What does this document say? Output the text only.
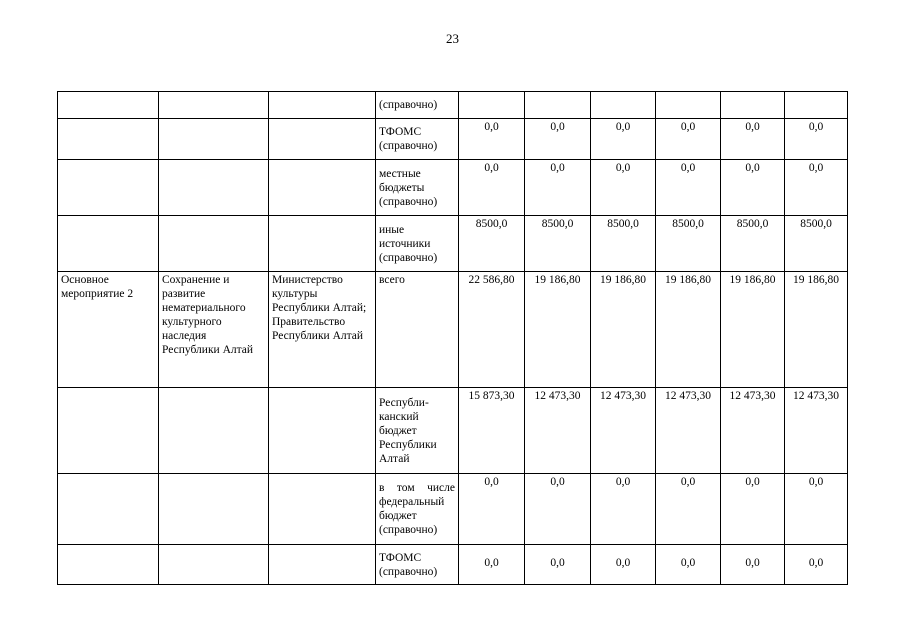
23
			(справочно)						
			ТФОМС (справочно)	0,0	0,0	0,0	0,0	0,0	0,0
			местные бюджеты (справочно)	0,0	0,0	0,0	0,0	0,0	0,0
			иные источники (справочно)	8500,0	8500,0	8500,0	8500,0	8500,0	8500,0
Основное мероприятие 2	Сохранение и развитие нематериального культурного наследия Республики Алтай	Министерство культуры Республики Алтай; Правительство Республики Алтай	всего	22 586,80	19 186,80	19 186,80	19 186,80	19 186,80	19 186,80
			Республи-канский бюджет Республики Алтай	15 873,30	12 473,30	12 473,30	12 473,30	12 473,30	12 473,30
			в том числе федеральный бюджет (справочно)	0,0	0,0	0,0	0,0	0,0	0,0
			ТФОМС (справочно)	0,0	0,0	0,0	0,0	0,0	0,0
